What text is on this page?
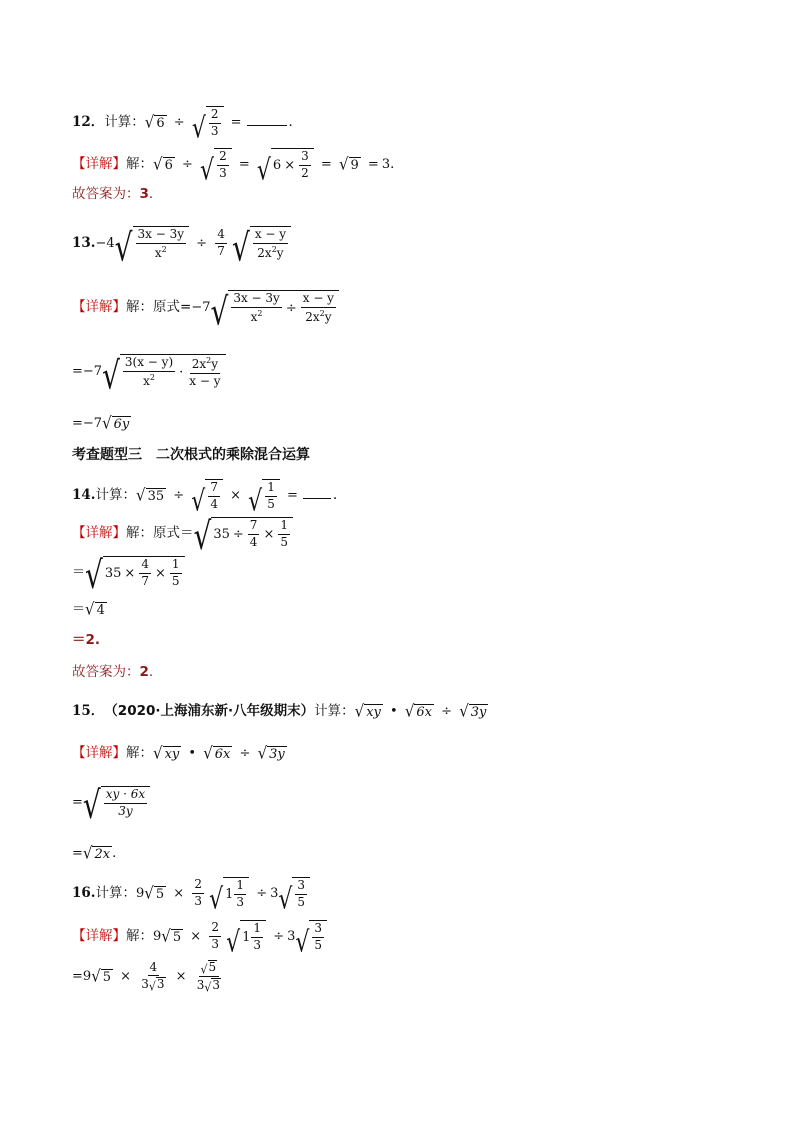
12． 计算： √ 6 ÷ √ $\frac{2}{3}$ =	．
【详解】 解： √ 6 ÷ √ $\frac{2}{3}$ = √ $6 \times \frac{3}{2}$ = √ 9 = 3 ．
故答案为： 3 ．
13. −4 √ $\frac{3x - 3y}{x^2} \div \frac{4}{7}$
√ $\frac{x - y}{2x^2y}$
【详解】 解：原式= −7 √ $\frac{3x - 3y}{x^2} \div \frac{x - y}{2x^2y}$
=−7 √ $\frac{3(x - y)}{x^2} \cdot \frac{2x^2y}{x - y}$
=−7 √ 6y
考查题型三　二次根式的乘除混合运算
14. 计算： √ 35 ÷ √ $\frac{7}{4}$ × √ $\frac{1}{5}$ =	.
【详解】 解：原式＝ √ $35 \div \frac{7}{4} \times \frac{1}{5}$
＝ √ $35 \times \frac{4}{7} \times \frac{1}{5}$
＝ √ 4
＝2.
故答案为： 2 .
15． （2020·上海浦东新·八年级期末） 计算： √ xy • √ 6x ÷ √ 3y
【详解】 解： √ xy • √ 6x ÷ √ 3y
= √ $\frac{xy \cdot 6x}{3y}$
= √ 2x ．
16. 计算： 9 √ $5 \times \frac{2}{3}$
√ $1 \frac{1}{3} \div 3$ √ $\frac{3}{5}$
【详解】 解： 9 √ $5 \times \frac{2}{3}$
√ $1 \frac{1}{3} \div 3$ √ $\frac{3}{5}$
= 9 √ $5 \times \frac{4}{3 √ 3} \times \frac{√ 5}{3 √ 3}$
